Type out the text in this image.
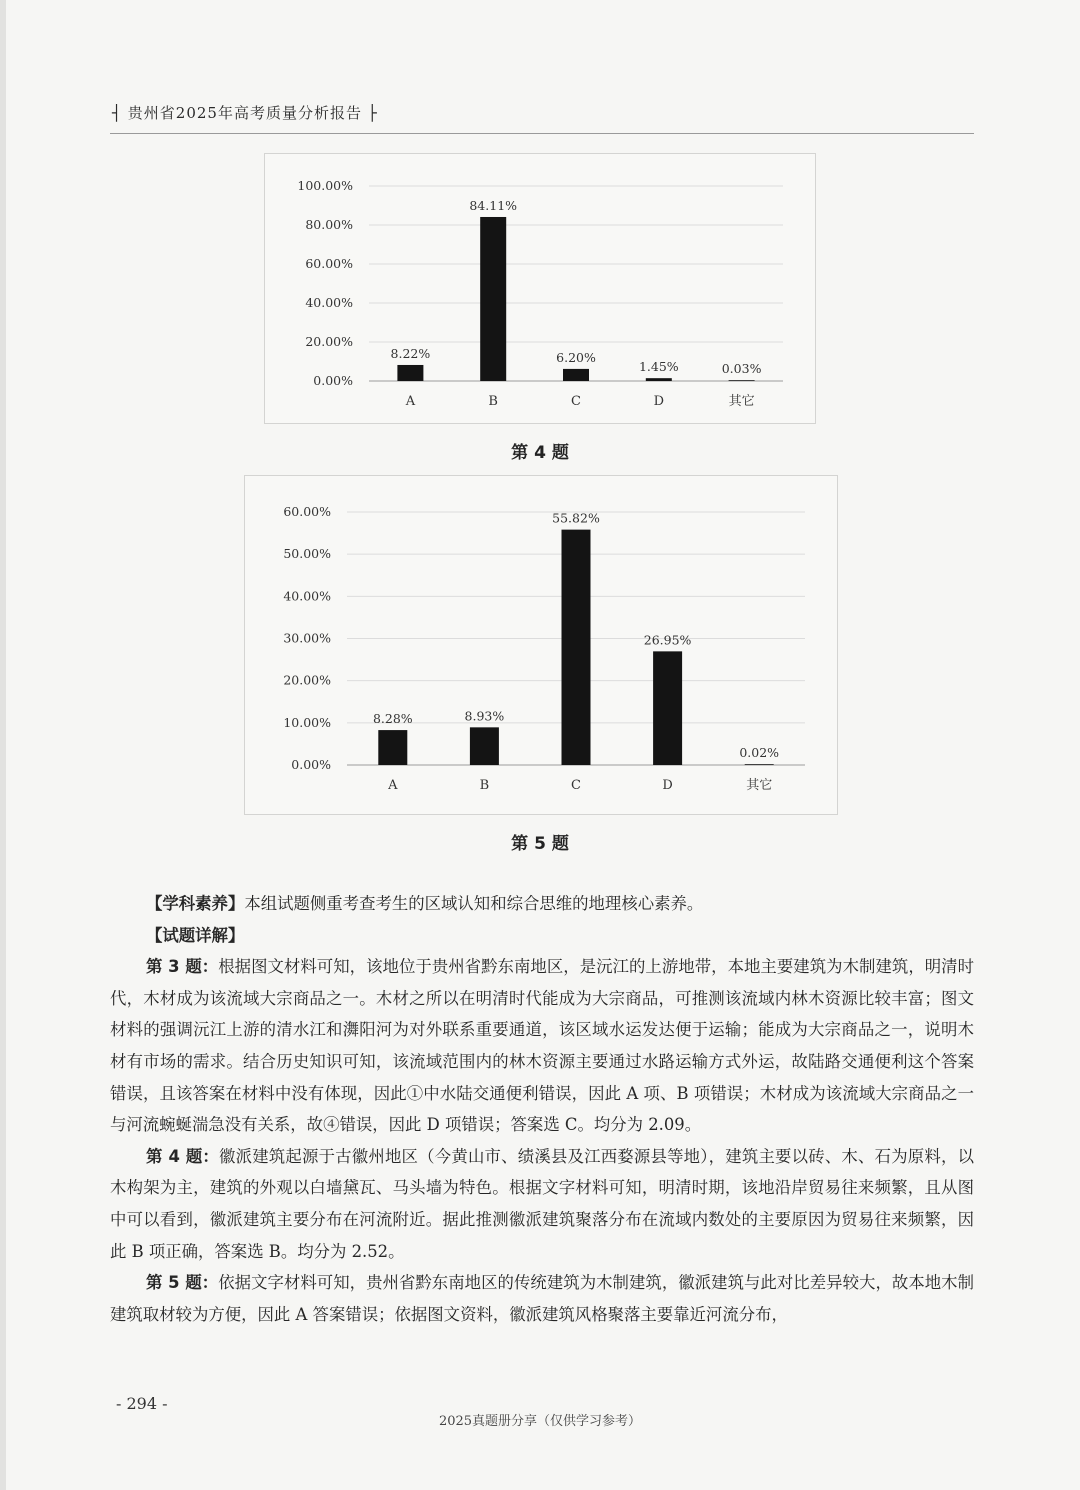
┤ 贵州省2025年高考质量分析报告 ├
0.00%
20.00%
40.00%
60.00%
80.00%
100.00%
8.22%
A
84.11%
B
6.20%
C
1.45%
D
0.03%
其它
第 4 题
0.00%
10.00%
20.00%
30.00%
40.00%
50.00%
60.00%
8.28%
A
8.93%
B
55.82%
C
26.95%
D
0.02%
其它
第 5 题

【学科素养】本组试题侧重考查考生的区域认知和综合思维的地理核心素养。

【试题详解】

第 3 题：根据图文材料可知，该地位于贵州省黔东南地区，是沅江的上游地带，本地主要建筑为木制建筑，明清时代，木材成为该流域大宗商品之一。木材之所以在明清时代能成为大宗商品，可推测该流域内林木资源比较丰富；图文材料的强调沅江上游的清水江和㵲阳河为对外联系重要通道，该区域水运发达便于运输；能成为大宗商品之一，说明木材有市场的需求。结合历史知识可知，该流域范围内的林木资源主要通过水路运输方式外运，故陆路交通便利这个答案错误，且该答案在材料中没有体现，因此①中水陆交通便利错误，因此 A 项、B 项错误；木材成为该流域大宗商品之一与河流蜿蜒湍急没有关系，故④错误，因此 D 项错误；答案选 C。均分为 2.09。

第 4 题：徽派建筑起源于古徽州地区（今黄山市、绩溪县及江西婺源县等地），建筑主要以砖、木、石为原料，以木构架为主，建筑的外观以白墙黛瓦、马头墙为特色。根据文字材料可知，明清时期，该地沿岸贸易往来频繁，且从图中可以看到，徽派建筑主要分布在河流附近。据此推测徽派建筑聚落分布在流域内数处的主要原因为贸易往来频繁，因此 B 项正确，答案选 B。均分为 2.52。

第 5 题：依据文字材料可知，贵州省黔东南地区的传统建筑为木制建筑，徽派建筑与此对比差异较大，故本地木制建筑取材较为方便，因此 A 答案错误；依据图文资料，徽派建筑风格聚落主要靠近河流分布，

- 294 -
2025真题册分享（仅供学习参考）
